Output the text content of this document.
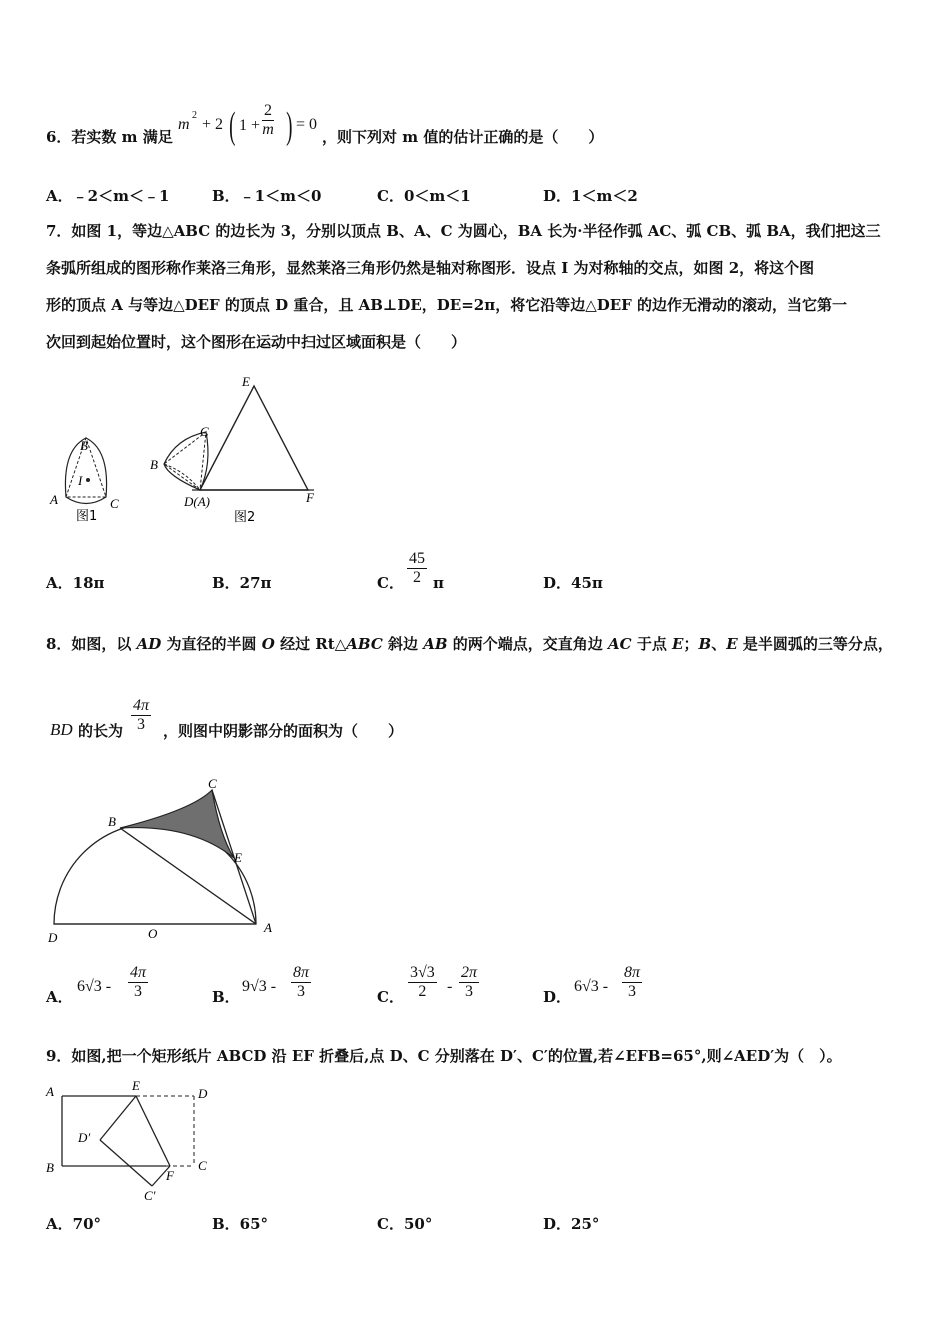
6．若实数 m 满足
m
2
+ 2 ( $1 + \frac{2}{m}$ ) = 0
，则下列对 m 值的估计正确的是（　　）
A．﹣2＜m＜﹣1	B．﹣1＜m＜0	C．0＜m＜1	D．1＜m＜2
7．如图 1，等边△ABC 的边长为 3，分别以顶点 B、A、C 为圆心，BA 长为·半径作弧 AC、弧 CB、弧 BA，我们把这三
条弧所组成的图形称作莱洛三角形，显然莱洛三角形仍然是轴对称图形．设点 I 为对称轴的交点，如图 2，将这个图
形的顶点 A 与等边△DEF 的顶点 D 重合，且 AB⊥DE，DE=2π，将它沿等边△DEF 的边作无滑动的滚动，当它第一
次回到起始位置时，这个图形在运动中扫过区域面积是（　　）
B
A	C
I
图1
E
C
B
D(A)	F
图2
A．18π	B．27π	C． $\frac{45}{2}$ π	D．45π
8．如图，以 AD 为直径的半圆 O 经过 Rt△ABC 斜边 AB 的两个端点，交直角边 AC 于点 E；B、E 是半圆弧的三等分点，
BD 的长为 $\frac{4\pi}{3}$ ，则图中阴影部分的面积为（　　）
C
B
E
D	O	A
A．
$6√3 - \frac{4\pi}{3}$	B．
$9√3 - \frac{8\pi}{3}$	C． $\frac{3√3}{2} - \frac{2\pi}{3}$	D．
$6√3 - \frac{8\pi}{3}$
9．如图,把一个矩形纸片 ABCD 沿 EF 折叠后,点 D、C 分别落在 D′、C′的位置,若∠EFB=65°,则∠AED′为（　）。
A	E
D
D′
B
F
C
C′
A．70°	B．65°	C．50°	D．25°
